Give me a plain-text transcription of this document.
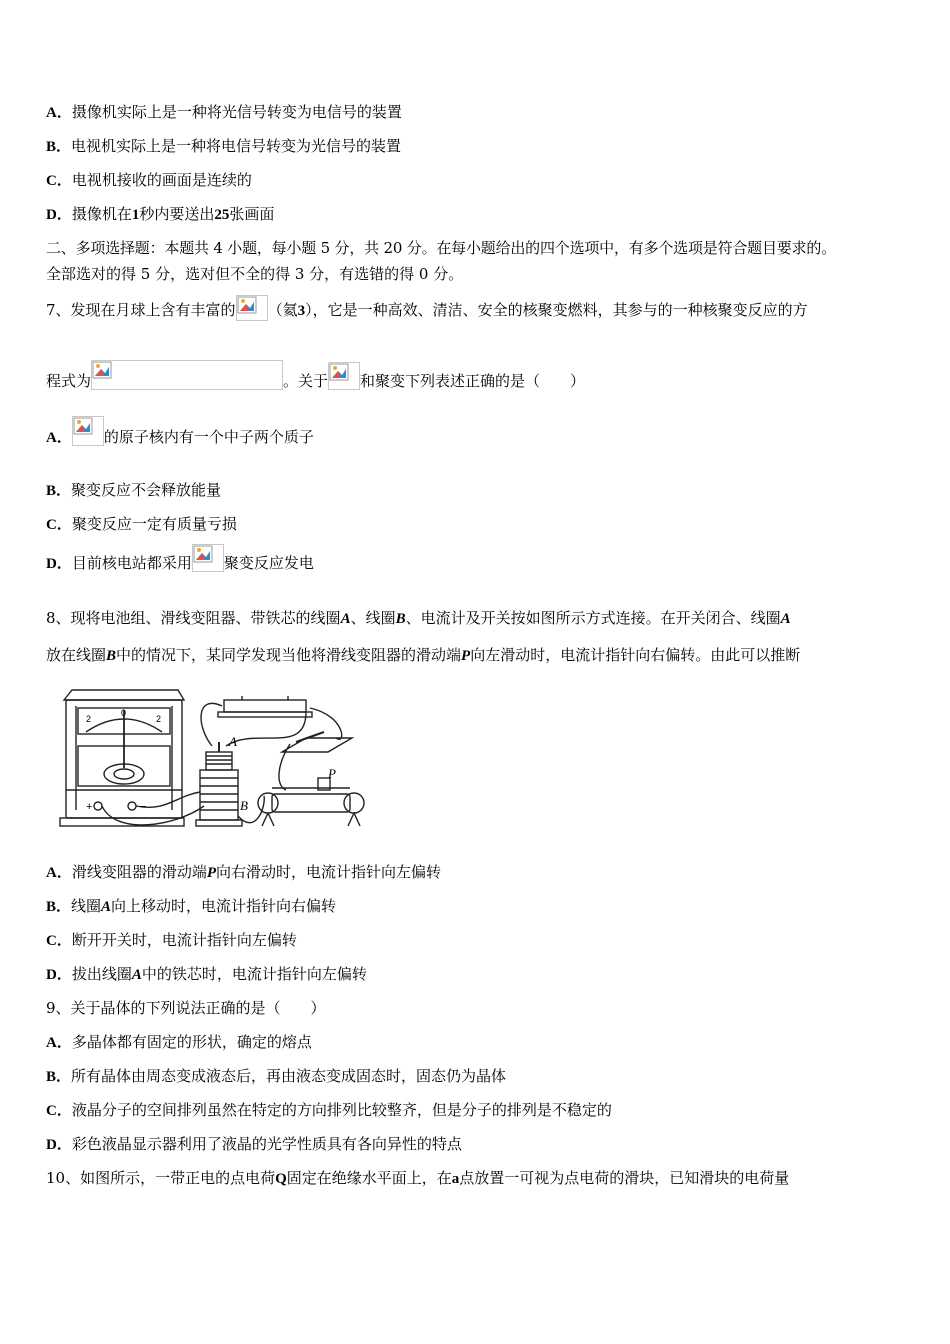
A．摄像机实际上是一种将光信号转变为电信号的装置
B．电视机实际上是一种将电信号转变为光信号的装置
C．电视机接收的画面是连续的
D．摄像机在1秒内要送出25张画面
二、多项选择题：本题共 4 小题，每小题 5 分，共 20 分。在每小题给出的四个选项中，有多个选项是符合题目要求的。
全部选对的得 5 分，选对但不全的得 3 分，有选错的得 0 分。
7、发现在月球上含有丰富的 （氦3），它是一种高效、清洁、安全的核聚变燃料，其参与的一种核聚变反应的方
程式为	。关于 和聚变下列表述正确的是（　　）
A． 的原子核内有一个中子两个质子
B．聚变反应不会释放能量
C．聚变反应一定有质量亏损
D．目前核电站都采用 聚变反应发电
8、现将电池组、滑线变阻器、带铁芯的线圈A、线圈B、电流计及开关按如图所示方式连接。在开关闭合、线圈A
放在线圈B中的情况下，某同学发现当他将滑线变阻器的滑动端P向左滑动时，电流计指针向右偏转。由此可以推断
A
B
P
+	−
2
0
2
A．滑线变阻器的滑动端P向右滑动时，电流计指针向左偏转
B．线圈A向上移动时，电流计指针向右偏转
C．断开开关时，电流计指针向左偏转
D．拔出线圈A中的铁芯时，电流计指针向左偏转
9、关于晶体的下列说法正确的是（　　）
A．多晶体都有固定的形状，确定的熔点
B．所有晶体由周态变成液态后，再由液态变成固态时，固态仍为晶体
C．液晶分子的空间排列虽然在特定的方向排列比较整齐，但是分子的排列是不稳定的
D．彩色液晶显示器利用了液晶的光学性质具有各向异性的特点
10、如图所示，一带正电的点电荷Q固定在绝缘水平面上，在a点放置一可视为点电荷的滑块，已知滑块的电荷量
